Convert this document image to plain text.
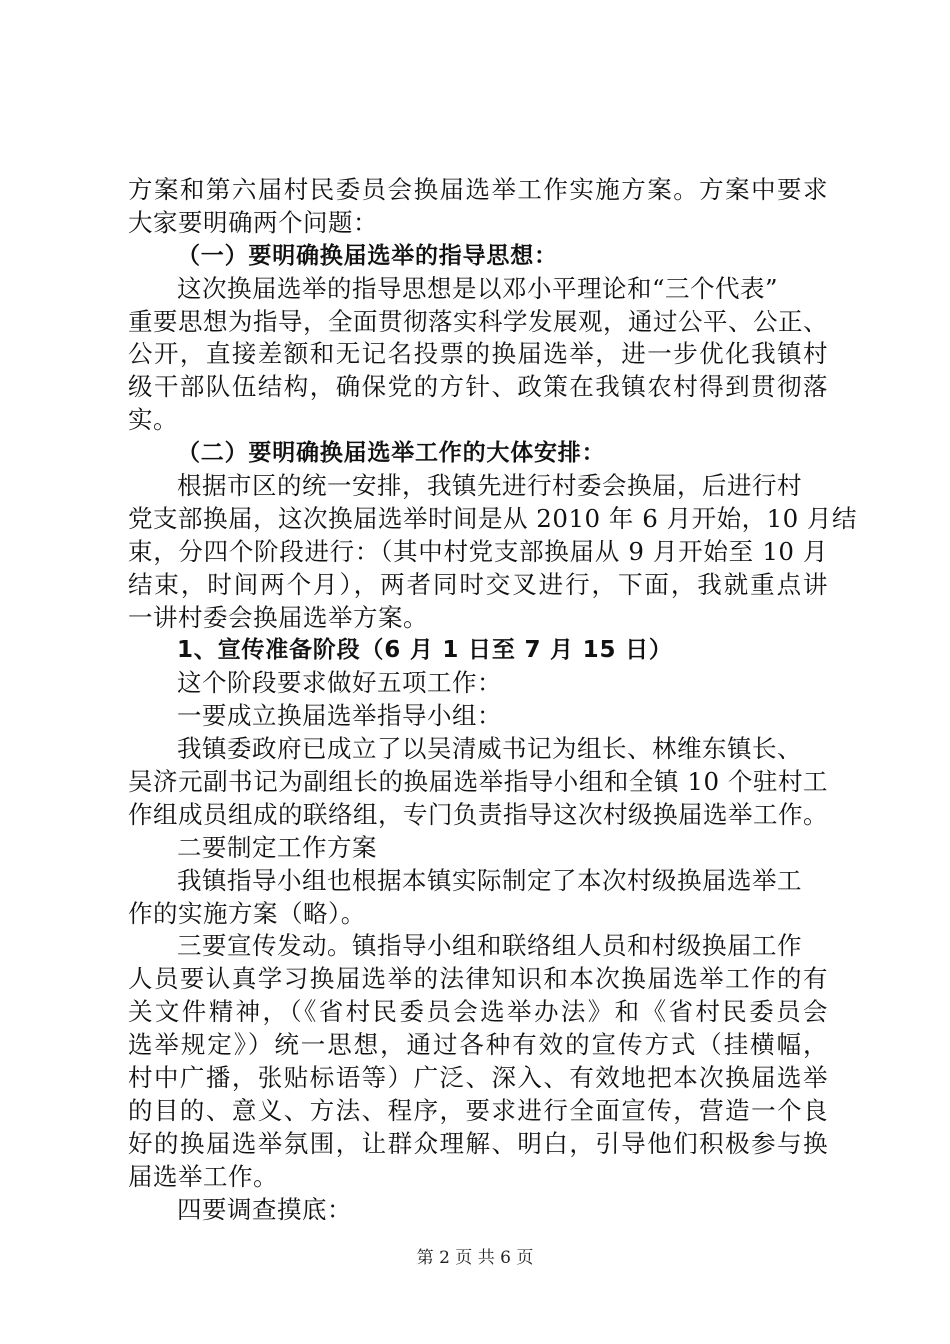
方案和第六届村民委员会换届选举工作实施方案。方案中要求
大家要明确两个问题：
（一）要明确换届选举的指导思想：
这次换届选举的指导思想是以邓小平理论和“三个代表”
重要思想为指导，全面贯彻落实科学发展观，通过公平、公正、
公开，直接差额和无记名投票的换届选举，进一步优化我镇村
级干部队伍结构，确保党的方针、政策在我镇农村得到贯彻落
实。
（二）要明确换届选举工作的大体安排：
根据市区的统一安排，我镇先进行村委会换届，后进行村
党支部换届，这次换届选举时间是从 2010 年 6 月开始，10 月结
束，分四个阶段进行：（其中村党支部换届从 9 月开始至 10 月
结束，时间两个月），两者同时交叉进行，下面，我就重点讲
一讲村委会换届选举方案。
1、宣传准备阶段（6 月 1 日至 7 月 15 日）
这个阶段要求做好五项工作：
一要成立换届选举指导小组：
我镇委政府已成立了以吴清威书记为组长、林维东镇长、
吴济元副书记为副组长的换届选举指导小组和全镇 10 个驻村工
作组成员组成的联络组，专门负责指导这次村级换届选举工作。
二要制定工作方案
我镇指导小组也根据本镇实际制定了本次村级换届选举工
作的实施方案（略）。
三要宣传发动。镇指导小组和联络组人员和村级换届工作
人员要认真学习换届选举的法律知识和本次换届选举工作的有
关文件精神，（《省村民委员会选举办法》和《省村民委员会
选举规定》）统一思想，通过各种有效的宣传方式（挂横幅，
村中广播，张贴标语等）广泛、深入、有效地把本次换届选举
的目的、意义、方法、程序，要求进行全面宣传，营造一个良
好的换届选举氛围，让群众理解、明白，引导他们积极参与换
届选举工作。
四要调查摸底：
第 2 页 共 6 页
